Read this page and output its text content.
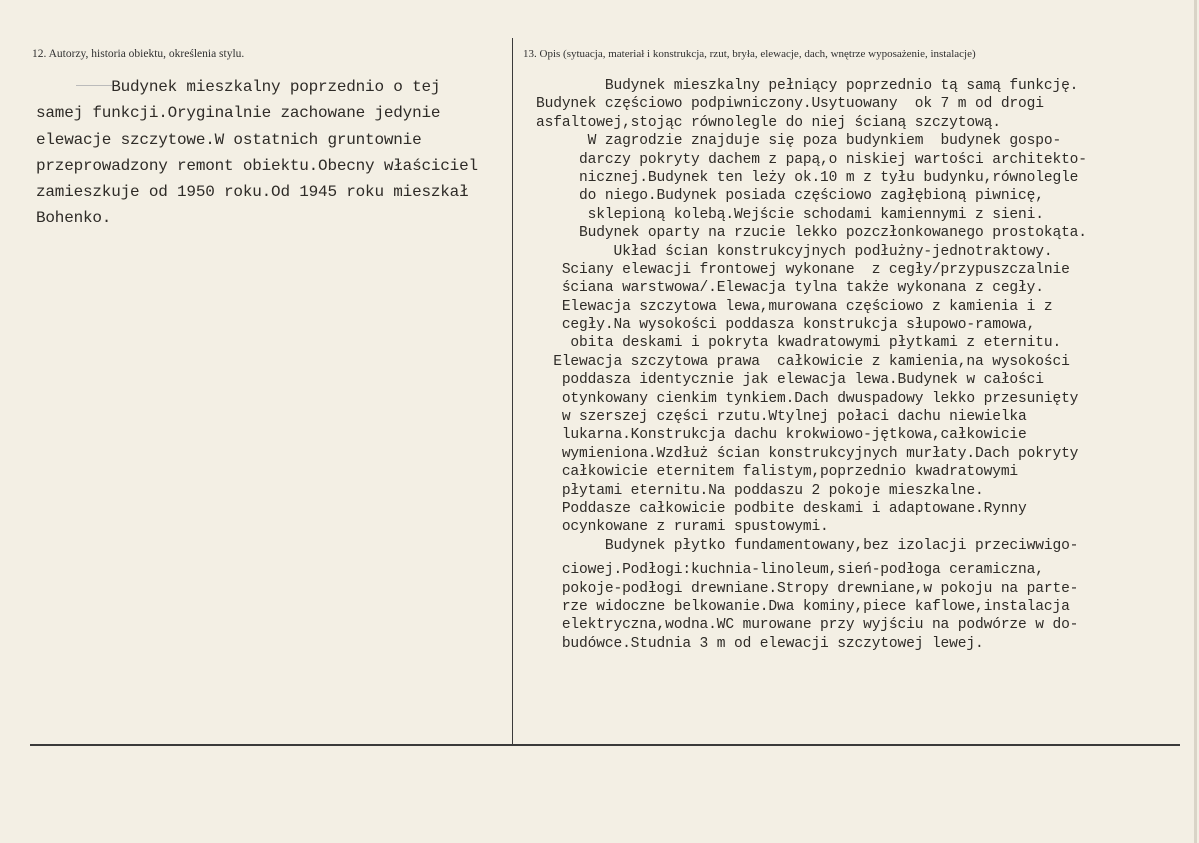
12. Autorzy, historia obiektu, określenia stylu.	13. Opis (sytuacja, materiał i konstrukcja, rzut, bryła, elewacje, dach, wnętrze wyposażenie, instalacje)
Budynek mieszkalny poprzednio o tej
samej funkcji.Oryginalnie zachowane jedynie
elewacje szczytowe.W ostatnich gruntownie
przeprowadzony remont obiektu.Obecny właściciel
zamieszkuje od 1950 roku.Od 1945 roku mieszkał
Bohenko.
Budynek mieszkalny pełniący poprzednio tą samą funkcję.
Budynek częściowo podpiwniczony.Usytuowany  ok 7 m od drogi
asfaltowej,stojąc równolegle do niej ścianą szczytową.
W zagrodzie znajduje się poza budynkiem  budynek gospo-
darczy pokryty dachem z papą,o niskiej wartości architekto-
nicznej.Budynek ten leży ok.10 m z tyłu budynku,równolegle
do niego.Budynek posiada częściowo zagłębioną piwnicę,
sklepioną kolebą.Wejście schodami kamiennymi z sieni.
Budynek oparty na rzucie lekko pozczłonkowanego prostokąta.
Układ ścian konstrukcyjnych podłużny-jednotraktowy.
Sciany elewacji frontowej wykonane  z cegły/przypuszczalnie
ściana warstwowa/.Elewacja tylna także wykonana z cegły.
Elewacja szczytowa lewa,murowana częściowo z kamienia i z
cegły.Na wysokości poddasza konstrukcja słupowo-ramowa,
obita deskami i pokryta kwadratowymi płytkami z eternitu.
Elewacja szczytowa prawa  całkowicie z kamienia,na wysokości
poddasza identycznie jak elewacja lewa.Budynek w całości
otynkowany cienkim tynkiem.Dach dwuspadowy lekko przesunięty
w szerszej części rzutu.Wtylnej połaci dachu niewielka
lukarna.Konstrukcja dachu krokwiowo-jętkowa,całkowicie
wymieniona.Wzdłuż ścian konstrukcyjnych murłaty.Dach pokryty
całkowicie eternitem falistym,poprzednio kwadratowymi
płytami eternitu.Na poddaszu 2 pokoje mieszkalne.
Poddasze całkowicie podbite deskami i adaptowane.Rynny
ocynkowane z rurami spustowymi.
Budynek płytko fundamentowany,bez izolacji przeciwwigo-
ciowej.Podłogi:kuchnia-linoleum,sień-podłoga ceramiczna,
pokoje-podłogi drewniane.Stropy drewniane,w pokoju na parte-
rze widoczne belkowanie.Dwa kominy,piece kaflowe,instalacja
elektryczna,wodna.WC murowane przy wyjściu na podwórze w do-
budówce.Studnia 3 m od elewacji szczytowej lewej.
